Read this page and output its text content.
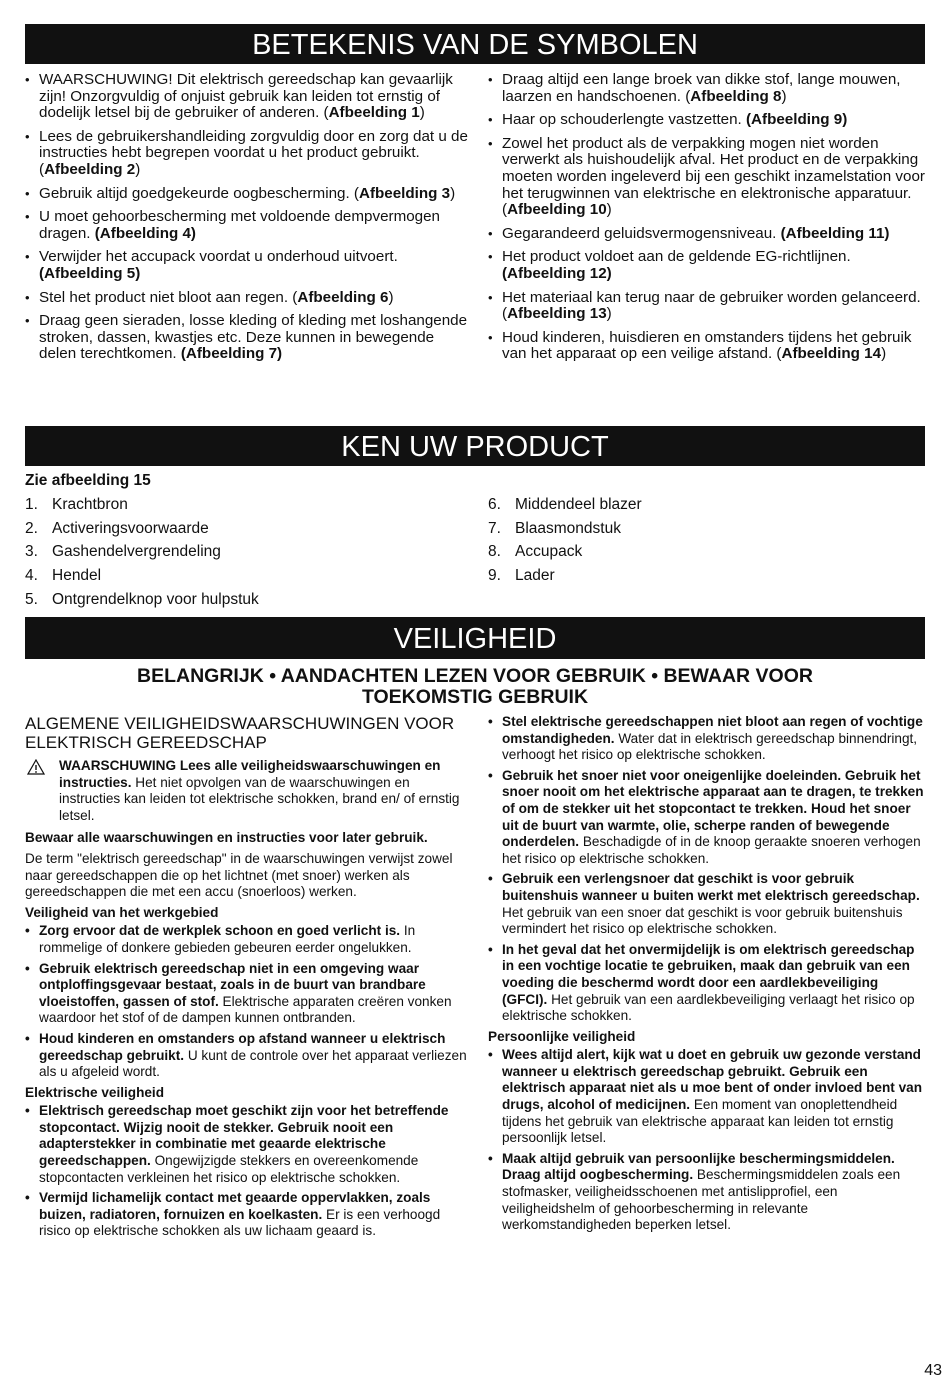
BETEKENIS VAN DE SYMBOLEN
• WAARSCHUWING! Dit elektrisch gereedschap kan gevaarlijk zijn! Onzorgvuldig of onjuist gebruik kan leiden tot ernstig of dodelijk letsel bij de gebruiker of anderen. (Afbeelding 1)
• Lees de gebruikershandleiding zorgvuldig door en zorg dat u de instructies hebt begrepen voordat u het product gebruikt. (Afbeelding 2)
• Gebruik altijd goedgekeurde oogbescherming. (Afbeelding 3)
• U moet gehoorbescherming met voldoende dempvermogen dragen. (Afbeelding 4)
• Verwijder het accupack voordat u onderhoud uitvoert. (Afbeelding 5)
• Stel het product niet bloot aan regen. (Afbeelding 6)
• Draag geen sieraden, losse kleding of kleding met loshangende stroken, dassen, kwastjes etc. Deze kunnen in bewegende delen terechtkomen. (Afbeelding 7)
• Draag altijd een lange broek van dikke stof, lange mouwen, laarzen en handschoenen. (Afbeelding 8)
• Haar op schouderlengte vastzetten. (Afbeelding 9)
• Zowel het product als de verpakking mogen niet worden verwerkt als huishoudelijk afval. Het product en de verpakking moeten worden ingeleverd bij een geschikt inzamelstation voor het terugwinnen van elektrische en elektronische apparatuur. (Afbeelding 10)
• Gegarandeerd geluidsvermogensniveau. (Afbeelding 11)
• Het product voldoet aan de geldende EG-richtlijnen. (Afbeelding 12)
• Het materiaal kan terug naar de gebruiker worden gelanceerd. (Afbeelding 13)
• Houd kinderen, huisdieren en omstanders tijdens het gebruik van het apparaat op een veilige afstand. (Afbeelding 14)
KEN UW PRODUCT
Zie afbeelding 15
1. Krachtbron
2. Activeringsvoorwaarde
3. Gashendelvergrendeling
4. Hendel
5. Ontgrendelknop voor hulpstuk
6. Middendeel blazer
7. Blaasmondstuk
8. Accupack
9. Lader
VEILIGHEID
BELANGRIJK • AANDACHTEN LEZEN VOOR GEBRUIK • BEWAAR VOOR
TOEKOMSTIG GEBRUIK
ALGEMENE VEILIGHEIDSWAARSCHUWINGEN VOOR ELEKTRISCH GEREEDSCHAP
WAARSCHUWING Lees alle veiligheidswaarschuwingen en instructies. Het niet opvolgen van de waarschuwingen en instructies kan leiden tot elektrische schokken, brand en/ of ernstig letsel.

Bewaar alle waarschuwingen en instructies voor later gebruik.

De term "elektrisch gereedschap" in de waarschuwingen verwijst zowel naar gereedschappen die op het lichtnet (met snoer) werken als gereedschappen die met een accu (snoerloos) werken.

Veiligheid van het werkgebied
• Zorg ervoor dat de werkplek schoon en goed verlicht is. In rommelige of donkere gebieden gebeuren eerder ongelukken.
• Gebruik elektrisch gereedschap niet in een omgeving waar ontploffingsgevaar bestaat, zoals in de buurt van brandbare vloeistoffen, gassen of stof. Elektrische apparaten creëren vonken waardoor het stof of de dampen kunnen ontbranden.
• Houd kinderen en omstanders op afstand wanneer u elektrisch gereedschap gebruikt. U kunt de controle over het apparaat verliezen als u afgeleid wordt.
Elektrische veiligheid
• Elektrisch gereedschap moet geschikt zijn voor het betreffende stopcontact. Wijzig nooit de stekker. Gebruik nooit een adapterstekker in combinatie met geaarde elektrische gereedschappen. Ongewijzigde stekkers en overeenkomende stopcontacten verkleinen het risico op elektrische schokken.
• Vermijd lichamelijk contact met geaarde oppervlakken, zoals buizen, radiatoren, fornuizen en koelkasten. Er is een verhoogd risico op elektrische schokken als uw lichaam geaard is.
• Stel elektrische gereedschappen niet bloot aan regen of vochtige omstandigheden. Water dat in elektrisch gereedschap binnendringt, verhoogt het risico op elektrische schokken.
• Gebruik het snoer niet voor oneigenlijke doeleinden. Gebruik het snoer nooit om het elektrische apparaat aan te dragen, te trekken of om de stekker uit het stopcontact te trekken. Houd het snoer uit de buurt van warmte, olie, scherpe randen of bewegende onderdelen. Beschadigde of in de knoop geraakte snoeren verhogen het risico op elektrische schokken.
• Gebruik een verlengsnoer dat geschikt is voor gebruik buitenshuis wanneer u buiten werkt met elektrisch gereedschap. Het gebruik van een snoer dat geschikt is voor gebruik buitenshuis vermindert het risico op elektrische schokken.
• In het geval dat het onvermijdelijk is om elektrisch gereedschap in een vochtige locatie te gebruiken, maak dan gebruik van een voeding die beschermd wordt door een aardlekbeveiliging (GFCI). Het gebruik van een aardlekbeveiliging verlaagt het risico op elektrische schokken.
Persoonlijke veiligheid
• Wees altijd alert, kijk wat u doet en gebruik uw gezonde verstand wanneer u elektrisch gereedschap gebruikt. Gebruik een elektrisch apparaat niet als u moe bent of onder invloed bent van drugs, alcohol of medicijnen. Een moment van onoplettendheid tijdens het gebruik van elektrische apparaat kan leiden tot ernstig persoonlijk letsel.
• Maak altijd gebruik van persoonlijke beschermingsmiddelen. Draag altijd oogbescherming. Beschermingsmiddelen zoals een stofmasker, veiligheidsschoenen met antislipprofiel, een veiligheidshelm of gehoorbescherming in relevante werkomstandigheden beperken letsel.
43
